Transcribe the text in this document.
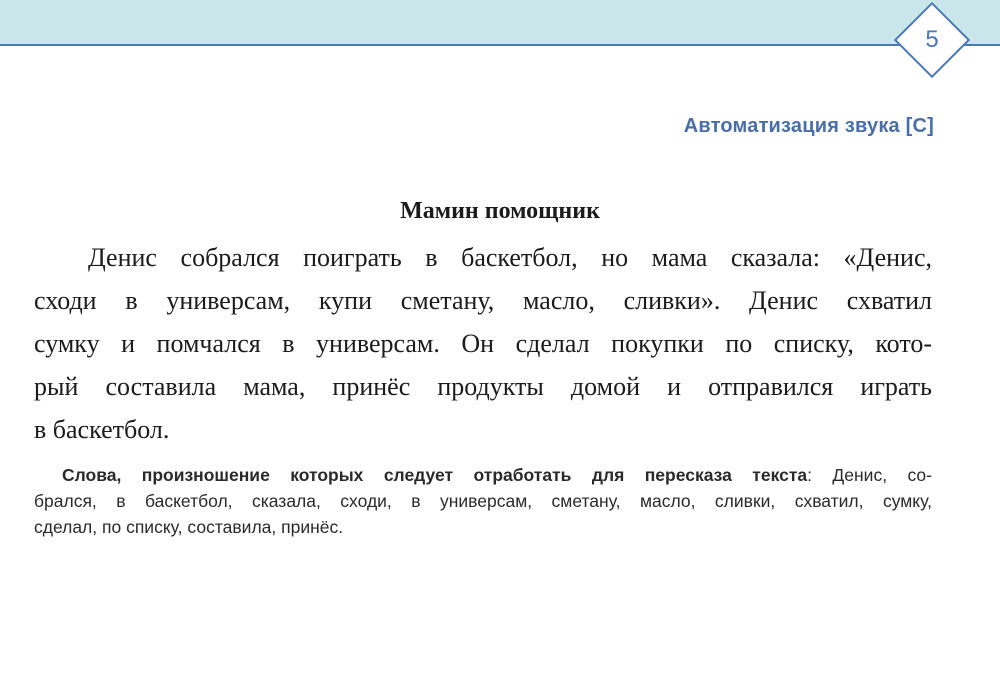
5
Автоматизация звука [С]
Мамин помощник
Денис собрался поиграть в баскетбол, но мама сказала: «Денис,
сходи в универсам, купи сметану, масло, сливки». Денис схватил
сумку и помчался в универсам. Он сделал покупки по списку, кото-
рый составила мама, принёс продукты домой и отправился играть
в баскетбол.
Слова, произношение которых следует отработать для пересказа текста: Денис, со-
брался, в баскетбол, сказала, сходи, в универсам, сметану, масло, сливки, схватил, сумку,
сделал, по списку, составила, принёс.
